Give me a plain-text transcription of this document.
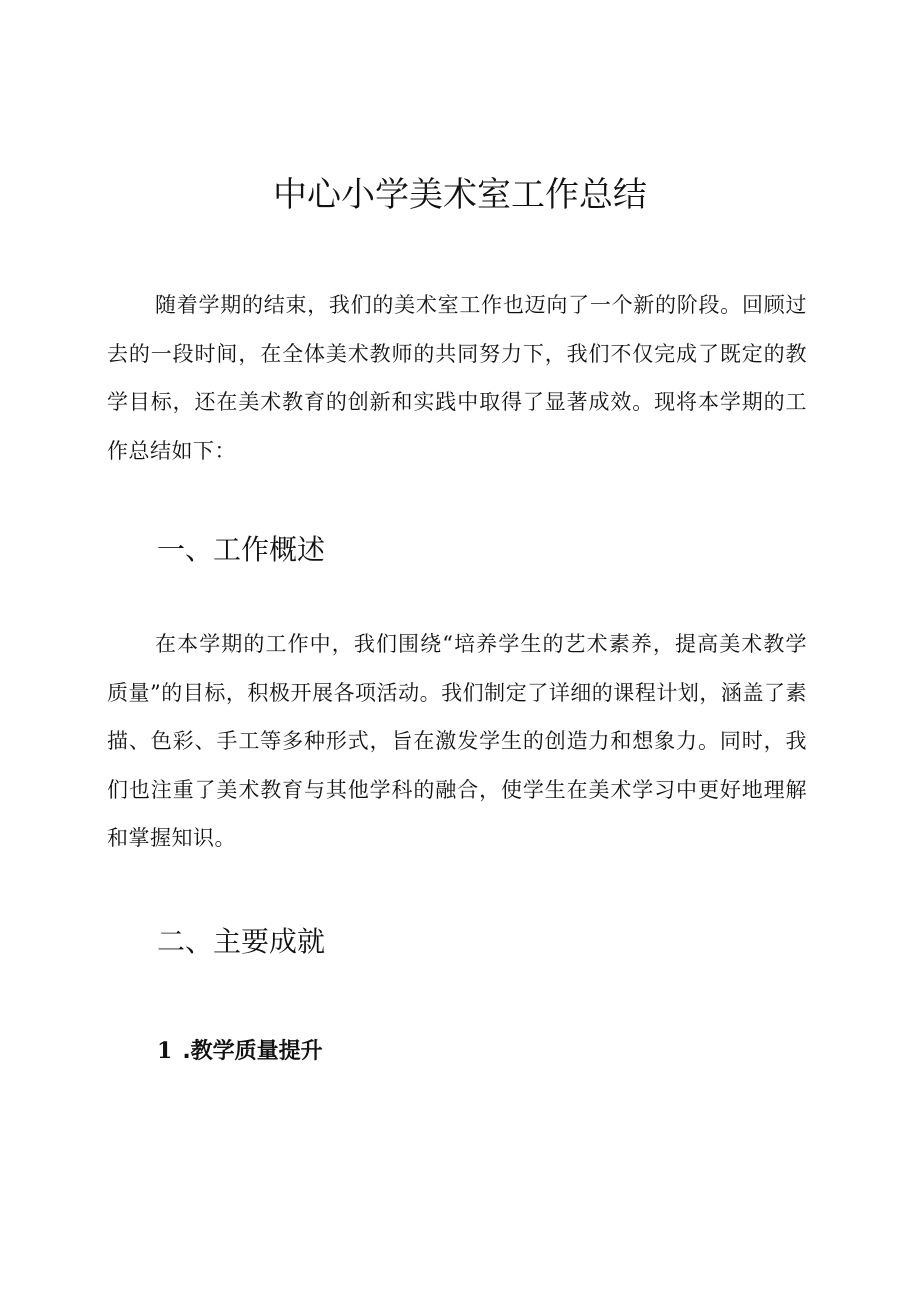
中心小学美术室工作总结

随着学期的结束，我们的美术室工作也迈向了一个新的阶段。回顾过去的一段时间，在全体美术教师的共同努力下，我们不仅完成了既定的教学目标，还在美术教育的创新和实践中取得了显著成效。现将本学期的工作总结如下：

一、工作概述

在本学期的工作中，我们围绕“培养学生的艺术素养，提高美术教学质量”的目标，积极开展各项活动。我们制定了详细的课程计划，涵盖了素描、色彩、手工等多种形式，旨在激发学生的创造力和想象力。同时，我们也注重了美术教育与其他学科的融合，使学生在美术学习中更好地理解和掌握知识。

二、主要成就
1 .教学质量提升
